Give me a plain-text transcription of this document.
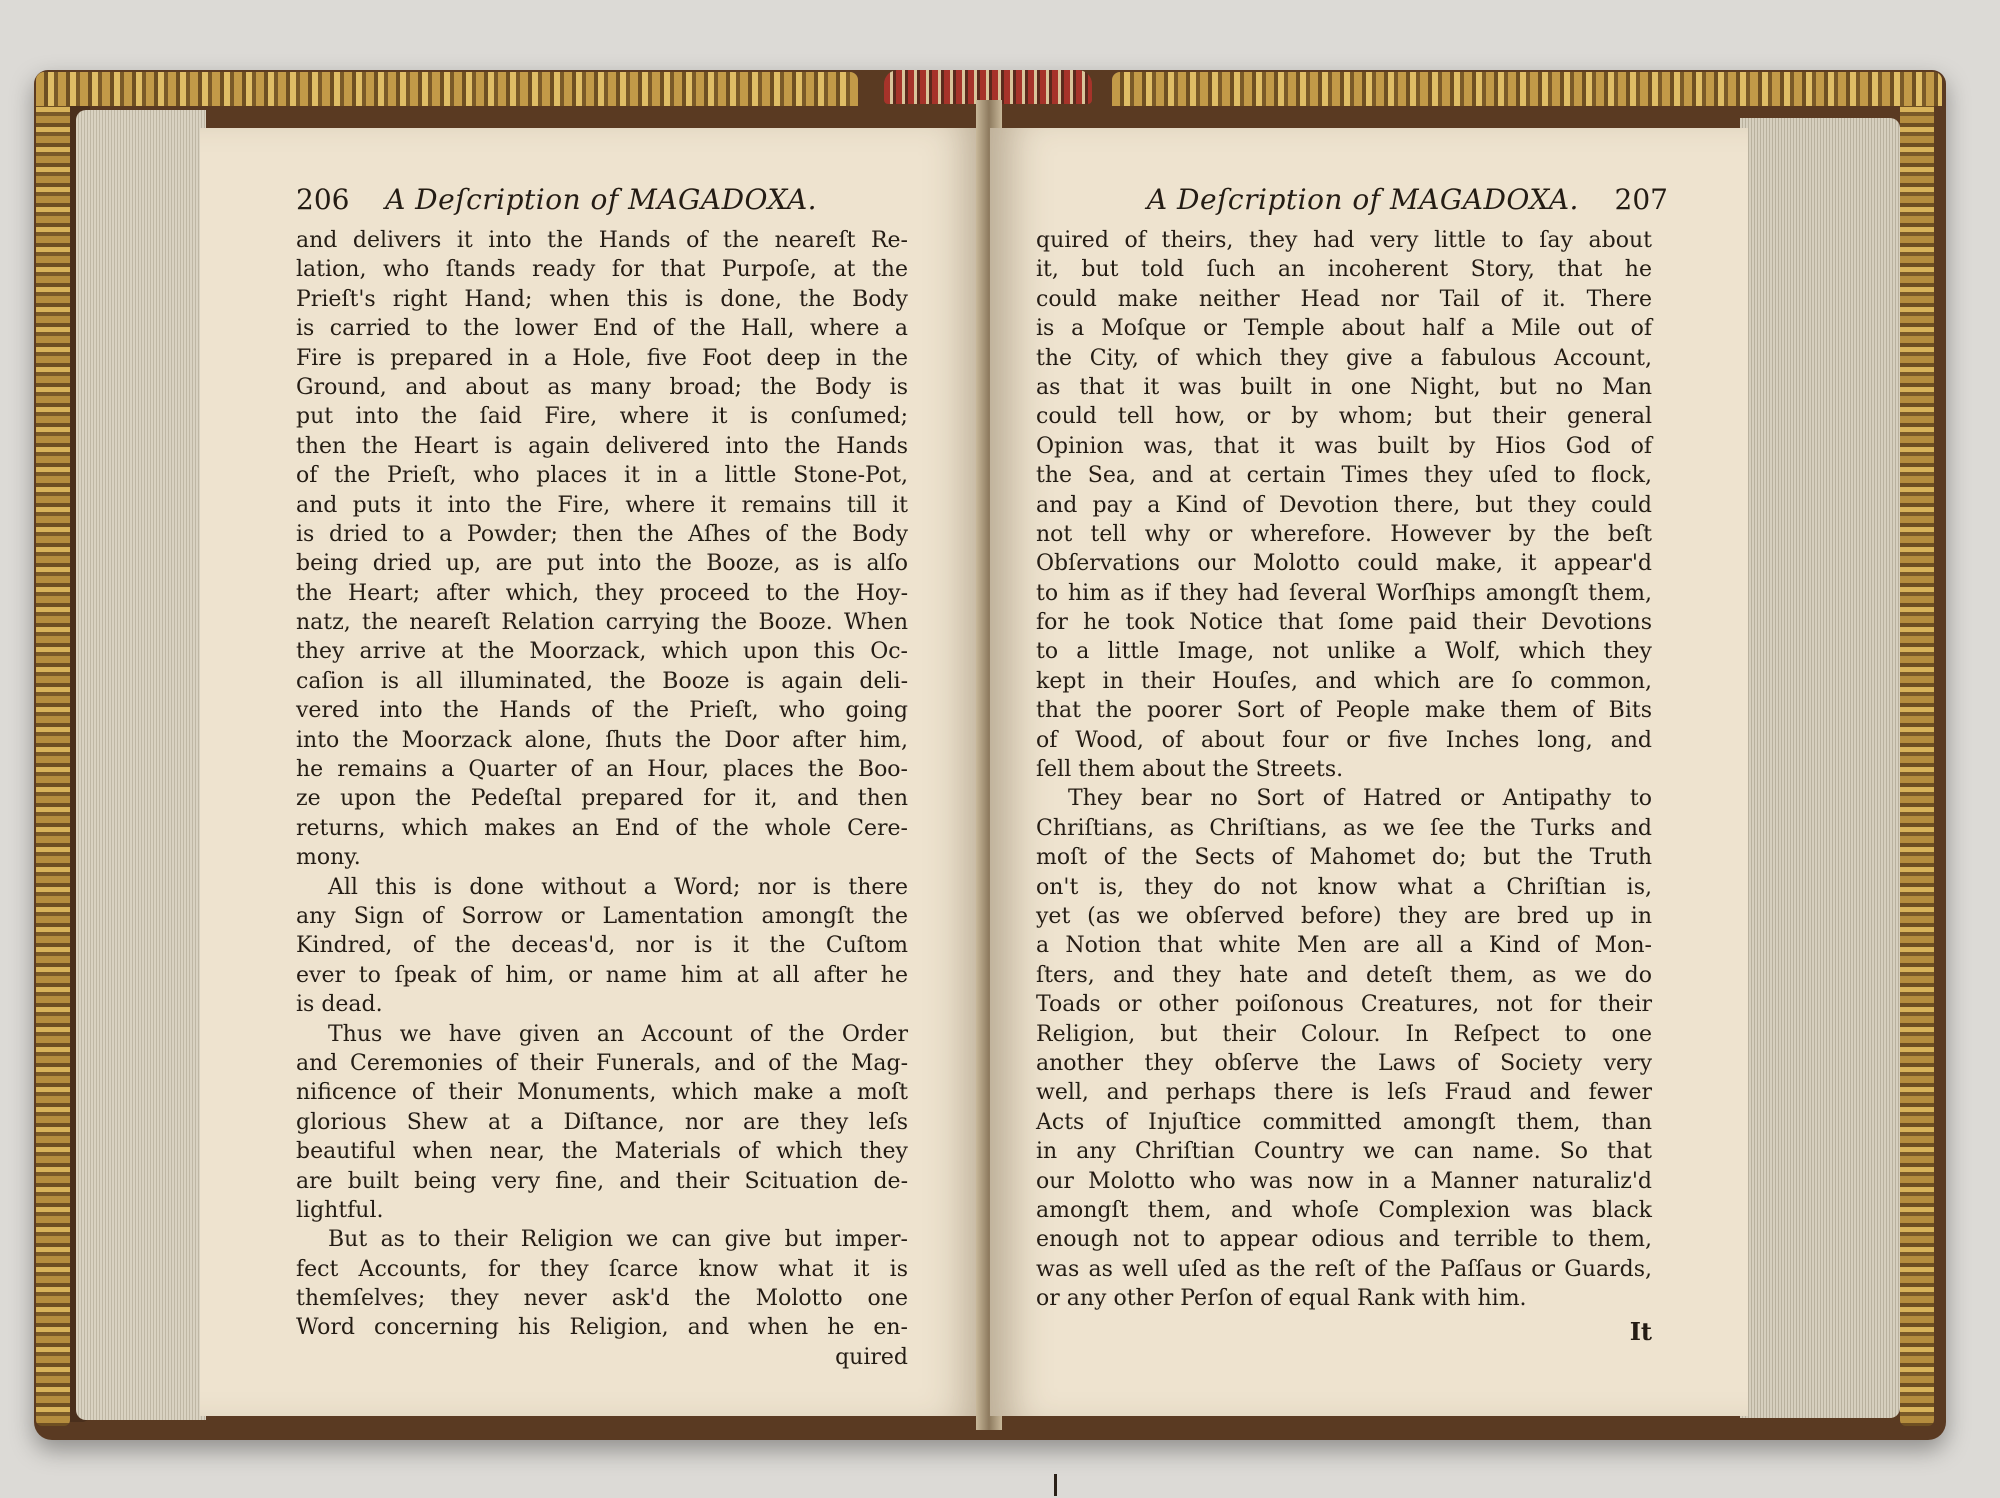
206 A Deſcription of MAGADOXA.
and delivers it into the Hands of the neareſt Re-
lation, who ſtands ready for that Purpoſe, at the
Prieſt's right Hand; when this is done, the Body
is carried to the lower End of the Hall, where a
Fire is prepared in a Hole, five Foot deep in the
Ground, and about as many broad; the Body is
put into the ſaid Fire, where it is conſumed;
then the Heart is again delivered into the Hands
of the Prieſt, who places it in a little Stone-Pot,
and puts it into the Fire, where it remains till it
is dried to a Powder; then the Aſhes of the Body
being dried up, are put into the Booze, as is alſo
the Heart; after which, they proceed to the Hoy-
natz, the neareſt Relation carrying the Booze. When
they arrive at the Moorzack, which upon this Oc-
caſion is all illuminated, the Booze is again deli-
vered into the Hands of the Prieſt, who going
into the Moorzack alone, ſhuts the Door after him,
he remains a Quarter of an Hour, places the Boo-
ze upon the Pedeſtal prepared for it, and then
returns, which makes an End of the whole Cere-
mony.
All this is done without a Word; nor is there
any Sign of Sorrow or Lamentation amongſt the
Kindred, of the deceas'd, nor is it the Cuſtom
ever to ſpeak of him, or name him at all after he
is dead.
Thus we have given an Account of the Order
and Ceremonies of their Funerals, and of the Mag-
nificence of their Monuments, which make a moſt
glorious Shew at a Diſtance, nor are they leſs
beautiful when near, the Materials of which they
are built being very fine, and their Scituation de-
lightful.
But as to their Religion we can give but imper-
fect Accounts, for they ſcarce know what it is
themſelves; they never ask'd the Molotto one
Word concerning his Religion, and when he en-
quired
A Deſcription of MAGADOXA. 207
quired of theirs, they had very little to ſay about
it, but told ſuch an incoherent Story, that he
could make neither Head nor Tail of it. There
is a Moſque or Temple about half a Mile out of
the City, of which they give a fabulous Account,
as that it was built in one Night, but no Man
could tell how, or by whom; but their general
Opinion was, that it was built by Hios God of
the Sea, and at certain Times they uſed to flock,
and pay a Kind of Devotion there, but they could
not tell why or wherefore. However by the beſt
Obſervations our Molotto could make, it appear'd
to him as if they had ſeveral Worſhips amongſt them,
for he took Notice that ſome paid their Devotions
to a little Image, not unlike a Wolf, which they
kept in their Houſes, and which are ſo common,
that the poorer Sort of People make them of Bits
of Wood, of about four or five Inches long, and
ſell them about the Streets.
They bear no Sort of Hatred or Antipathy to
Chriſtians, as Chriſtians, as we ſee the Turks and
moſt of the Sects of Mahomet do; but the Truth
on't is, they do not know what a Chriſtian is,
yet (as we obſerved before) they are bred up in
a Notion that white Men are all a Kind of Mon-
ſters, and they hate and deteſt them, as we do
Toads or other poiſonous Creatures, not for their
Religion, but their Colour. In Reſpect to one
another they obſerve the Laws of Society very
well, and perhaps there is leſs Fraud and fewer
Acts of Injuſtice committed amongſt them, than
in any Chriſtian Country we can name. So that
our Molotto who was now in a Manner naturaliz'd
amongſt them, and whoſe Complexion was black
enough not to appear odious and terrible to them,
was as well uſed as the reſt of the Paſſaus or Guards,
or any other Perſon of equal Rank with him.
It
